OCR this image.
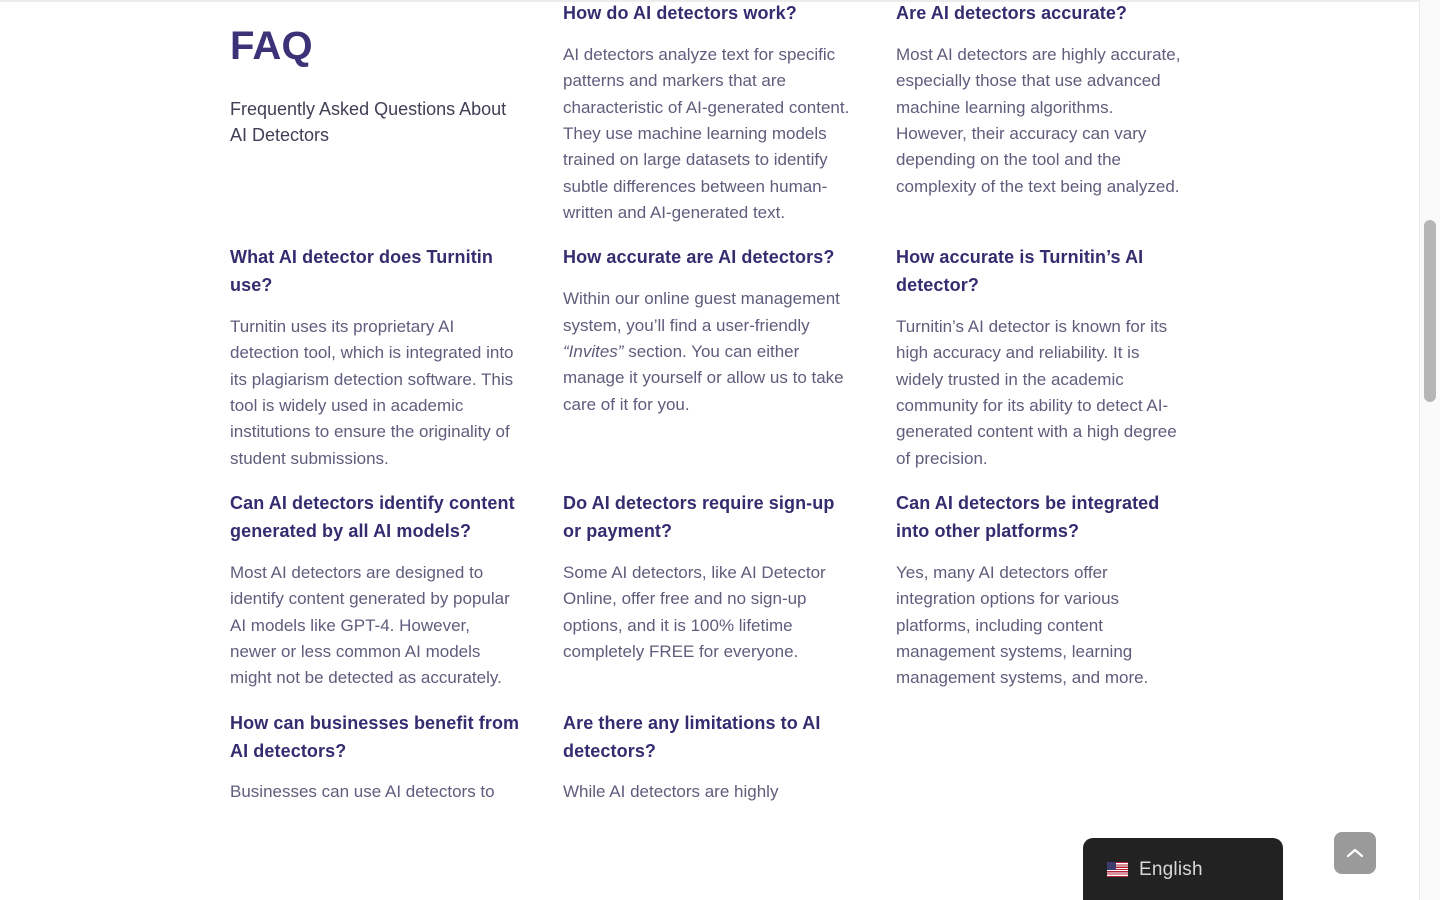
FAQ
Frequently Asked Questions About AI Detectors
How do AI detectors work?
AI detectors analyze text for specific patterns and markers that are characteristic of AI-generated content. They use machine learning models trained on large datasets to identify subtle differences between human-written and AI-generated text.
Are AI detectors accurate?
Most AI detectors are highly accurate, especially those that use advanced machine learning algorithms. However, their accuracy can vary depending on the tool and the complexity of the text being analyzed.
What AI detector does Turnitin use?
Turnitin uses its proprietary AI detection tool, which is integrated into its plagiarism detection software. This tool is widely used in academic institutions to ensure the originality of student submissions.
How accurate are AI detectors?
Within our online guest management system, you’ll find a user-friendly “Invites” section. You can either manage it yourself or allow us to take care of it for you.
How accurate is Turnitin’s AI detector?
Turnitin’s AI detector is known for its high accuracy and reliability. It is widely trusted in the academic community for its ability to detect AI-generated content with a high degree of precision.
Can AI detectors identify content generated by all AI models?
Most AI detectors are designed to identify content generated by popular AI models like GPT-4. However, newer or less common AI models might not be detected as accurately.
Do AI detectors require sign-up or payment?
Some AI detectors, like AI Detector Online, offer free and no sign-up options, and it is 100% lifetime completely FREE for everyone.
Can AI detectors be integrated into other platforms?
Yes, many AI detectors offer integration options for various platforms, including content management systems, learning management systems, and more.
How can businesses benefit from AI detectors?
Businesses can use AI detectors to
Are there any limitations to AI detectors?
While AI detectors are highly
English
